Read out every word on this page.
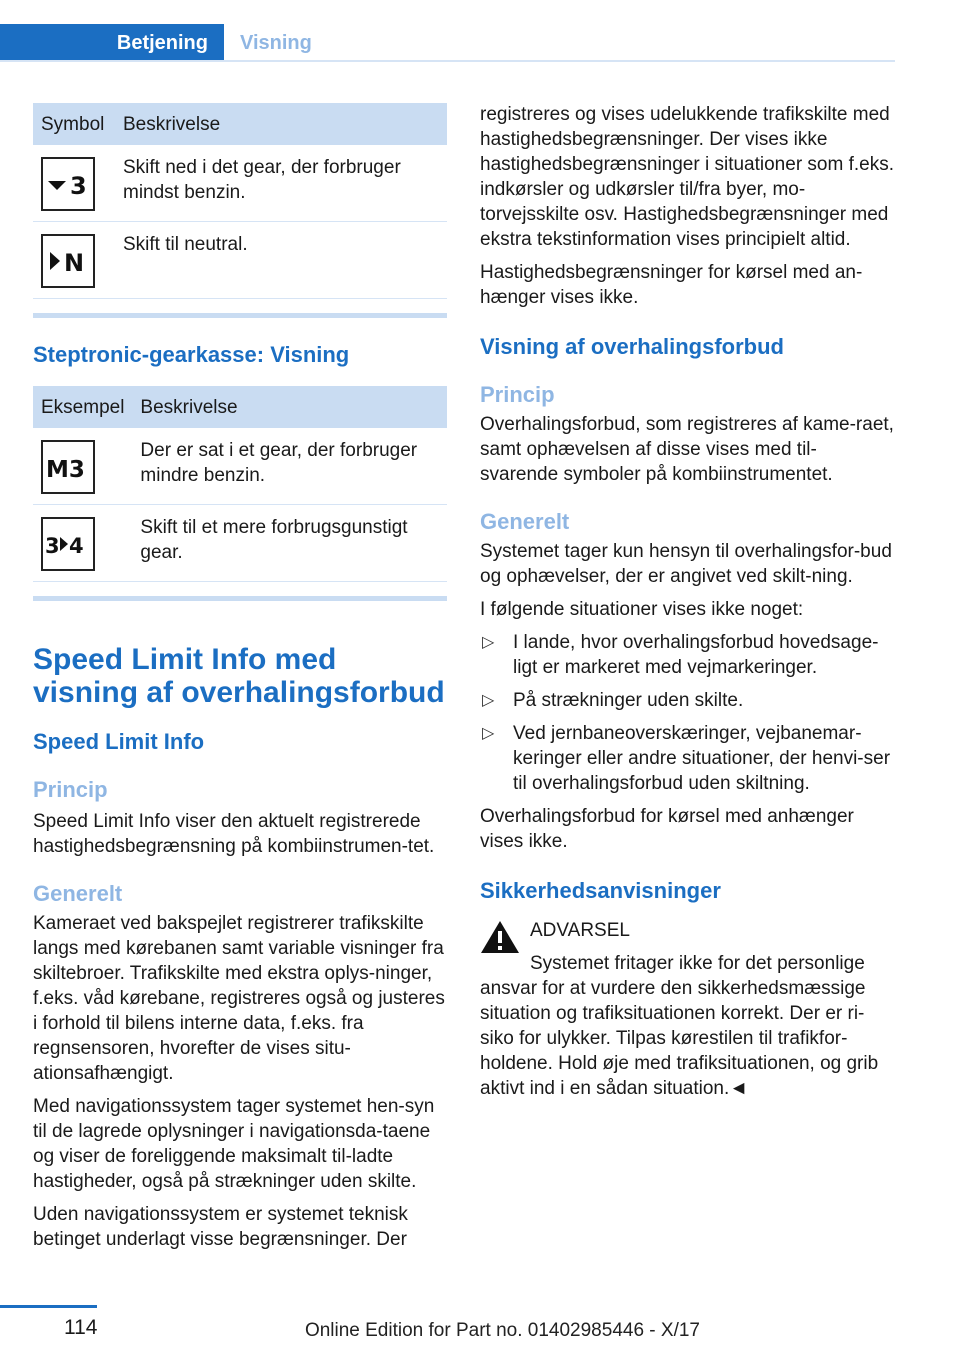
Betjening	Visning
Symbol	Beskrivelse

3	Skift ned i det gear, der forbruger mindst benzin.

N	Skift til neutral.
Steptronic-gearkasse: Visning
Eksempel	Beskrivelse

M3	Der er sat i et gear, der forbruger mindre benzin.

3 4	Skift til et mere forbrugsgunstigt gear.
Speed Limit Info med visning af overhalingsforbud
Speed Limit Info
Princip

Speed Limit Info viser den aktuelt registrerede hastighedsbegrænsning på kombiinstrumen‐tet.

Generelt

Kameraet ved bakspejlet registrerer trafikskilte langs med kørebanen samt variable visninger fra skiltebroer. Trafikskilte med ekstra oplys‐ninger, f.eks. våd kørebane, registreres også og justeres i forhold til bilens interne data, f.eks. fra regnsensoren, hvorefter de vises situ‐ationsafhængigt.

Med navigationssystem tager systemet hen‐syn til de lagrede oplysninger i navigationsda‐taene og viser de foreliggende maksimalt til‐ladte hastigheder, også på strækninger uden skilte.

Uden navigationssystem er systemet teknisk betinget underlagt visse begrænsninger. Der

registreres og vises udelukkende trafikskilte med hastighedsbegrænsninger. Der vises ikke hastighedsbegrænsninger i situationer som f.eks. indkørsler og udkørsler til/fra byer, mo‐torvejsskilte osv. Hastighedsbegrænsninger med ekstra tekstinformation vises principielt altid.

Hastighedsbegrænsninger for kørsel med an‐hænger vises ikke.

Visning af overhalingsforbud
Princip

Overhalingsforbud, som registreres af kame‐raet, samt ophævelsen af disse vises med til‐svarende symboler på kombiinstrumentet.

Generelt

Systemet tager kun hensyn til overhalingsfor‐bud og ophævelser, der er angivet ved skilt‐ning.

I følgende situationer vises ikke noget:

▷ I lande, hvor overhalingsforbud hovedsage‐ligt er markeret med vejmarkeringer.
▷ På strækninger uden skilte.
▷ Ved jernbaneoverskæringer, vejbanemar‐keringer eller andre situationer, der henvi‐ser til overhalingsforbud uden skiltning.

Overhalingsforbud for kørsel med anhænger vises ikke.

Sikkerhedsanvisninger

ADVARSEL

Systemet fritager ikke for det personlige

ansvar for at vurdere den sikkerhedsmæssige situation og trafiksituationen korrekt. Der er ri‐siko for ulykker. Tilpas kørestilen til trafikfor‐holdene. Hold øje med trafiksituationen, og grib aktivt ind i en sådan situation.◄

114	Online Edition for Part no. 01402985446 - X/17
